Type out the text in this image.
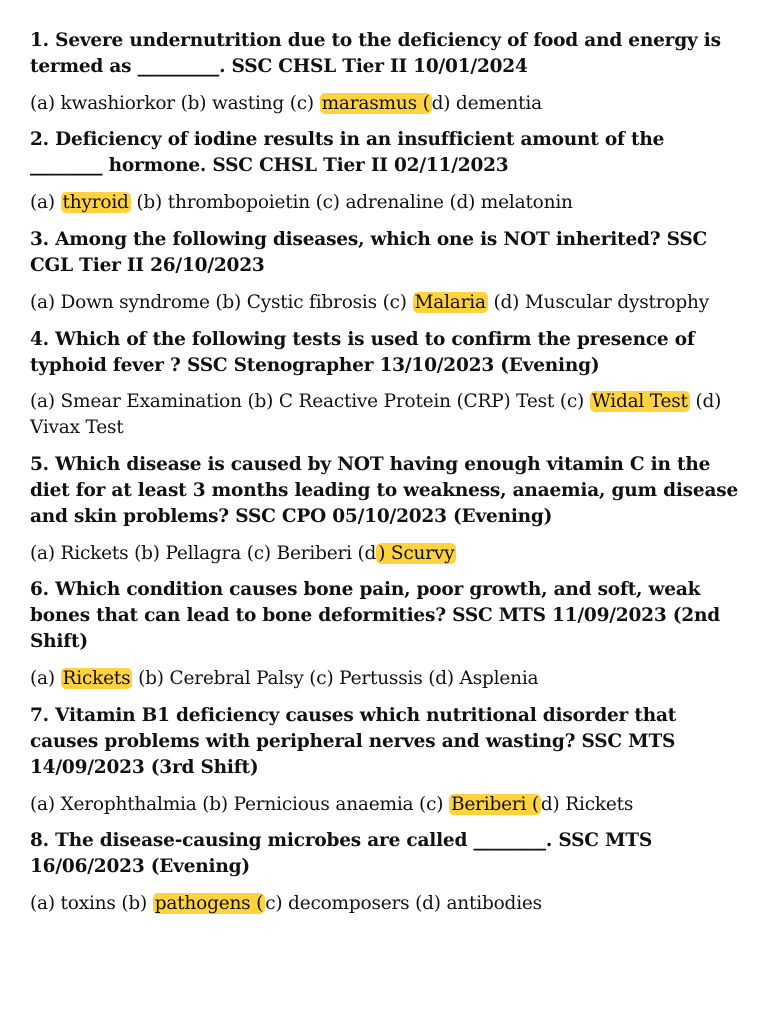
1. Severe undernutrition due to the deficiency of food and energy is termed as _________. SSC CHSL Tier II 10/01/2024
(a) kwashiorkor (b) wasting (c) marasmus ( d) dementia
2. Deficiency of iodine results in an insufficient amount of the ________ hormone. SSC CHSL Tier II 02/11/2023
(a) thyroid (b) thrombopoietin (c) adrenaline (d) melatonin
3. Among the following diseases, which one is NOT inherited? SSC CGL Tier II 26/10/2023
(a) Down syndrome (b) Cystic fibrosis (c) Malaria (d) Muscular dystrophy
4. Which of the following tests is used to confirm the presence of typhoid fever ? SSC Stenographer 13/10/2023 (Evening)
(a) Smear Examination (b) C Reactive Protein (CRP) Test (c) Widal Test (d) Vivax Test
5. Which disease is caused by NOT having enough vitamin C in the diet for at least 3 months leading to weakness, anaemia, gum disease and skin problems? SSC CPO 05/10/2023 (Evening)
(a) Rickets (b) Pellagra (c) Beriberi (d ) Scurvy
6. Which condition causes bone pain, poor growth, and soft, weak bones that can lead to bone deformities? SSC MTS 11/09/2023 (2nd Shift)
(a) Rickets (b) Cerebral Palsy (c) Pertussis (d) Asplenia
7. Vitamin B1 deficiency causes which nutritional disorder that causes problems with peripheral nerves and wasting? SSC MTS 14/09/2023 (3rd Shift)
(a) Xerophthalmia (b) Pernicious anaemia (c) Beriberi ( d) Rickets
8. The disease-causing microbes are called ________. SSC MTS 16/06/2023 (Evening)
(a) toxins (b) pathogens ( c) decomposers (d) antibodies
